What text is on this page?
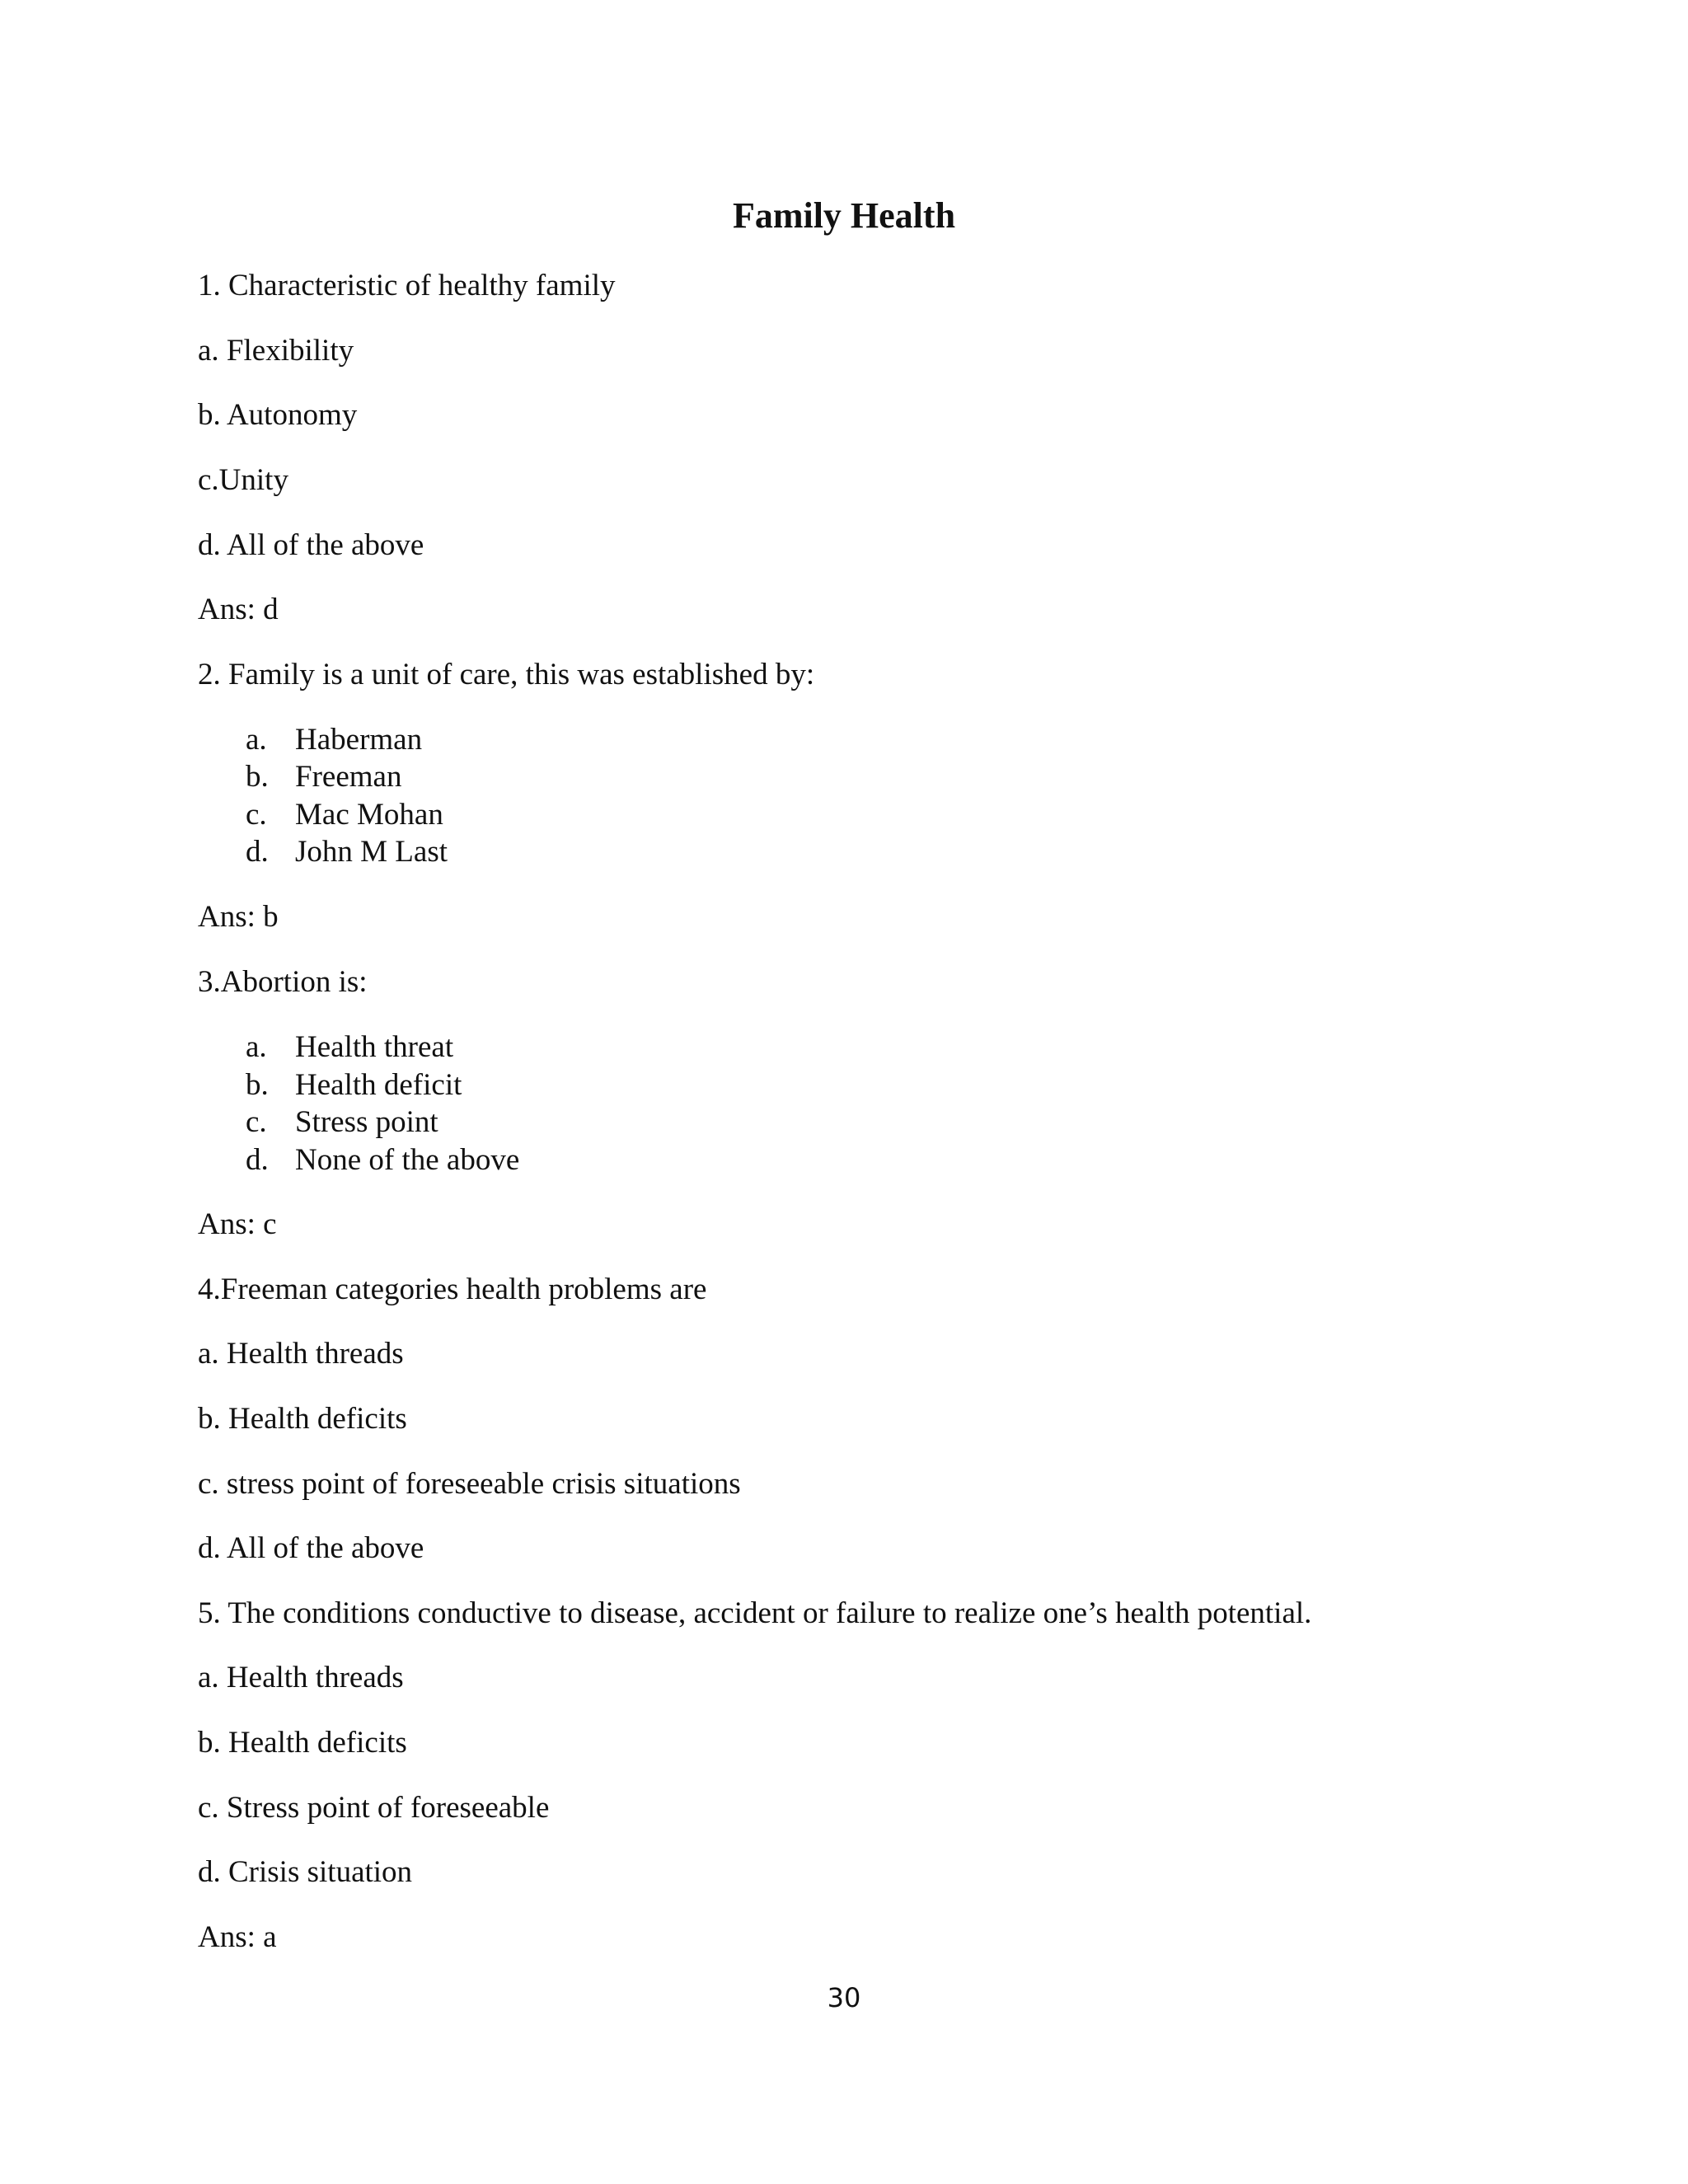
Family Health
1. Characteristic of healthy family
a. Flexibility
b. Autonomy
c.Unity
d. All of the above
Ans: d
2. Family is a unit of care, this was established by:
a. Haberman
b. Freeman
c. Mac Mohan
d. John M Last
Ans: b
3.Abortion is:
a. Health threat
b. Health deficit
c. Stress point
d. None of the above
Ans: c
4.Freeman categories health problems are
a. Health threads
b. Health deficits
c. stress point of foreseeable crisis situations
d. All of the above
5. The conditions conductive to disease, accident or failure to realize one’s health potential.
a. Health threads
b. Health deficits
c. Stress point of foreseeable
d. Crisis situation
Ans: a
30
